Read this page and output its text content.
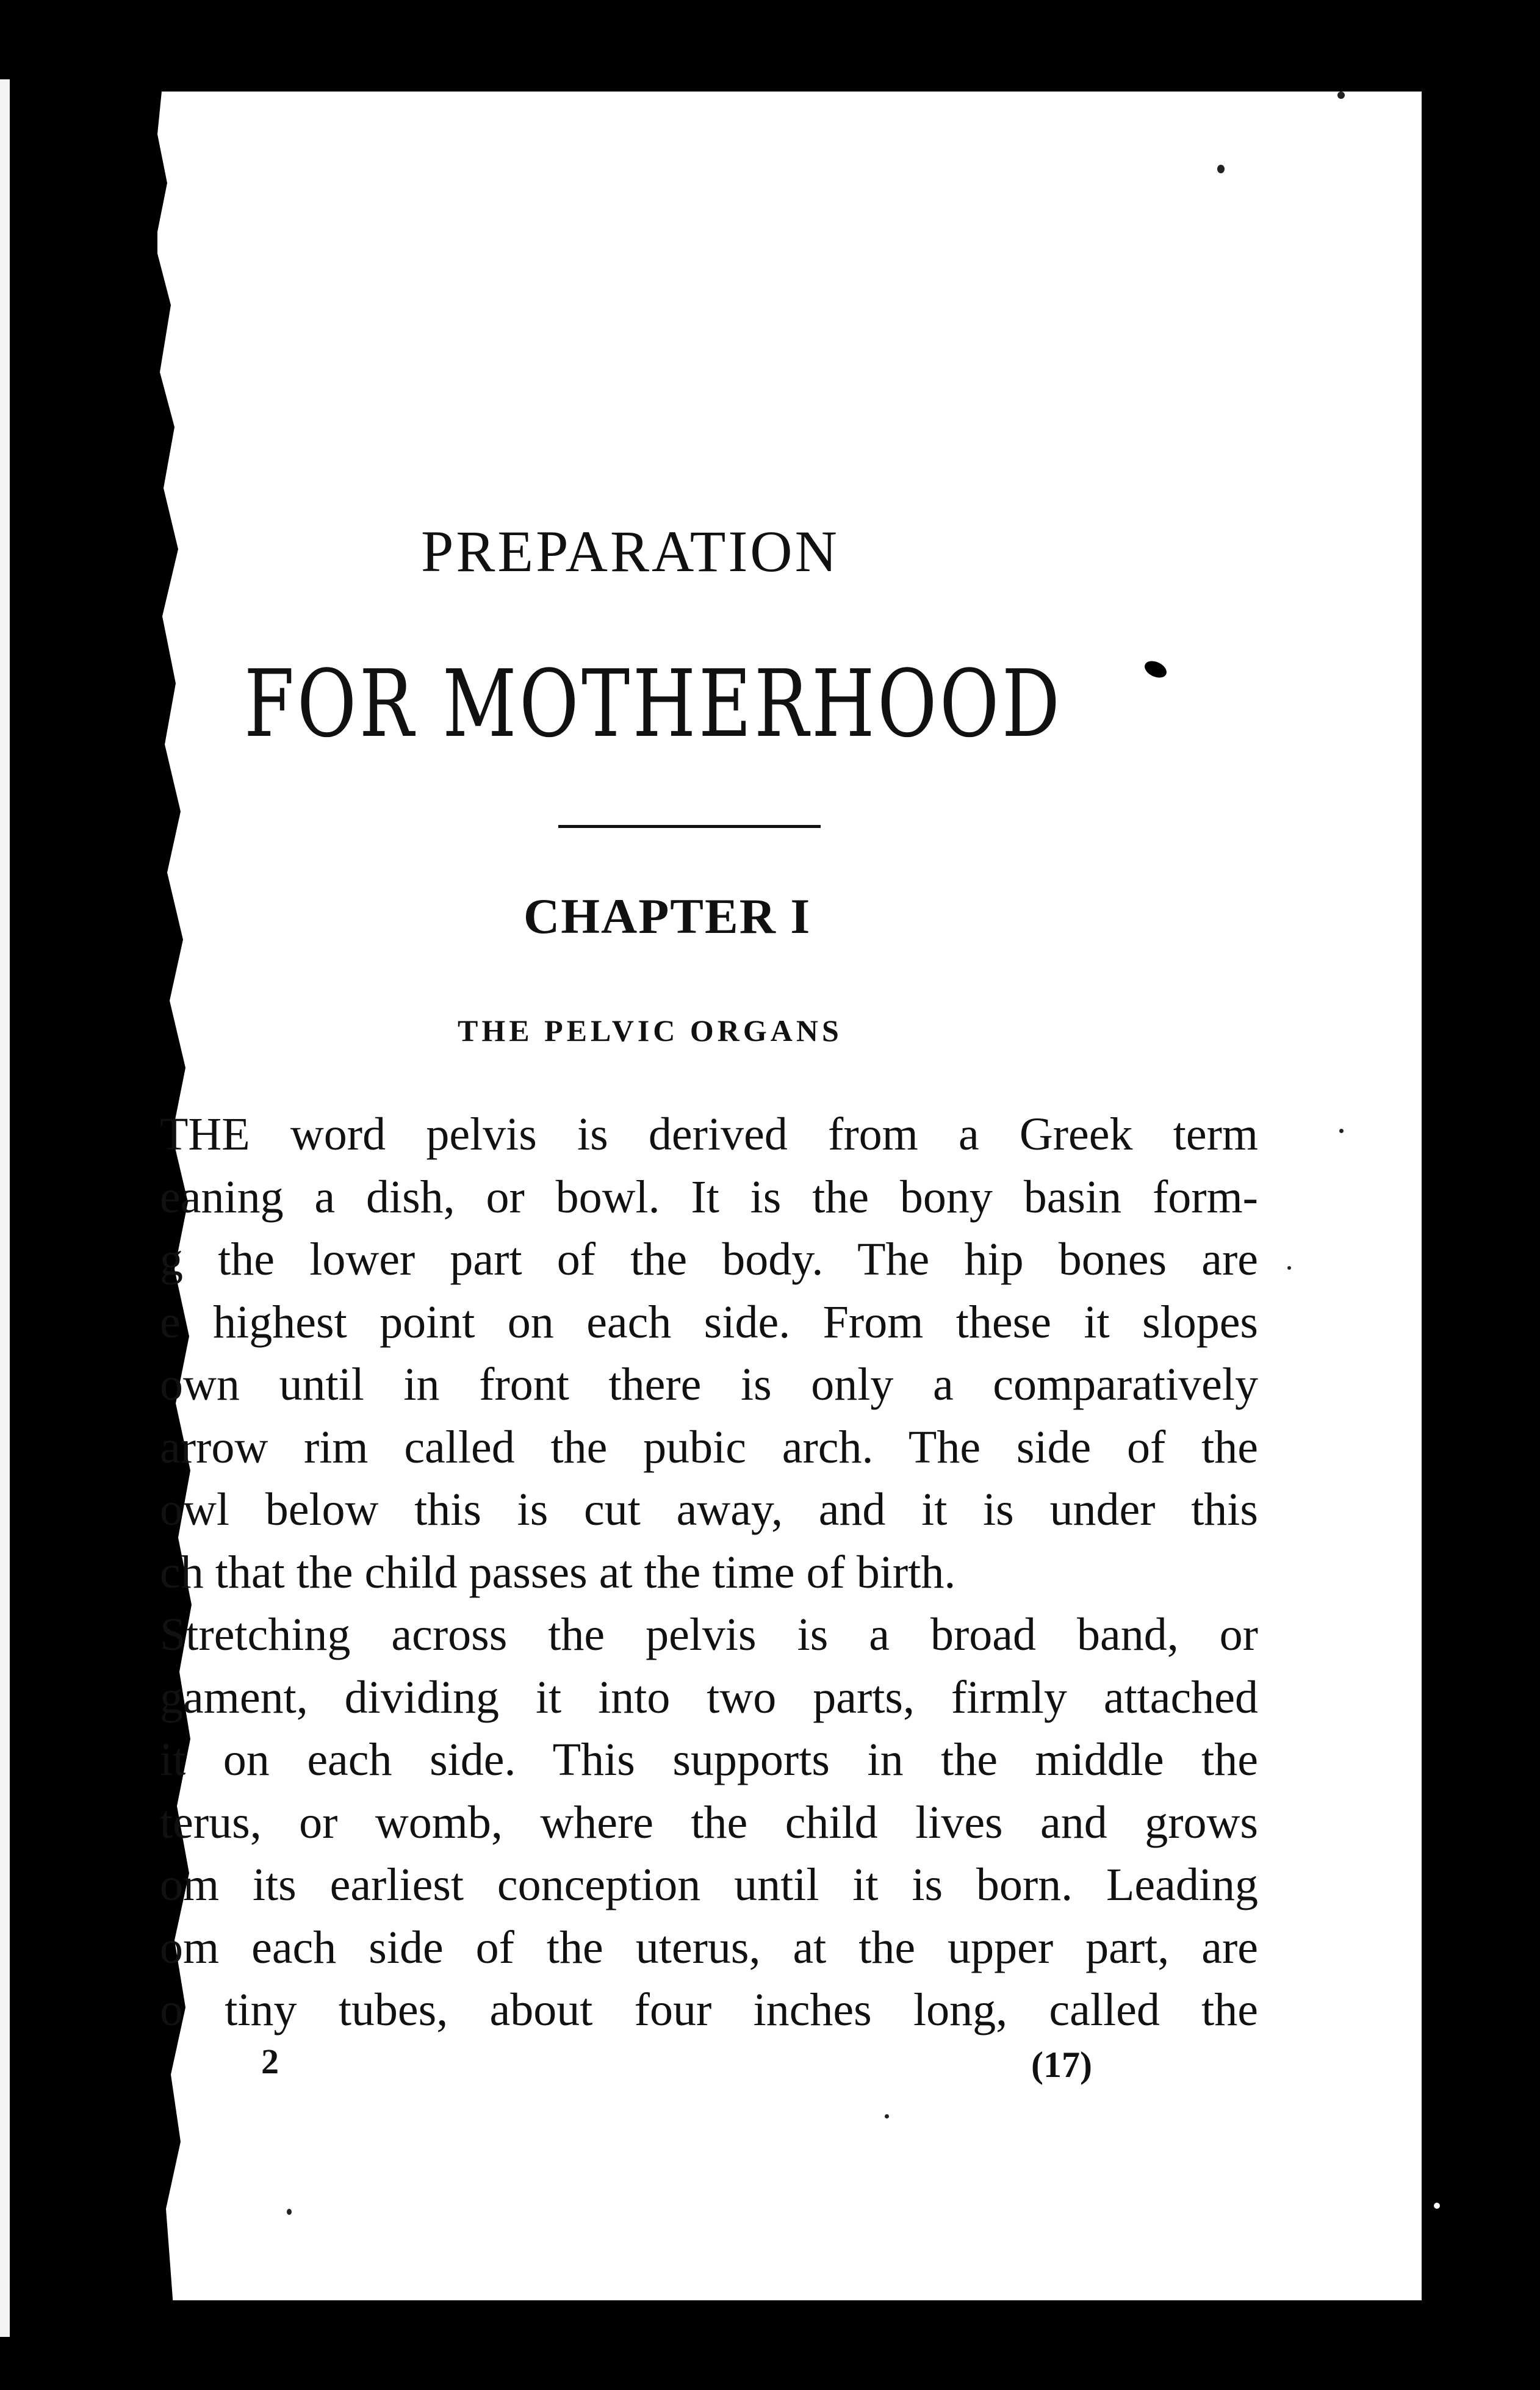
PREPARATION
FOR MOTHERHOOD
CHAPTER I
THE PELVIC ORGANS
THE word pelvis is derived from a Greek term
eaning a dish, or bowl. It is the bony basin form-
g the lower part of the body. The hip bones are
e highest point on each side. From these it slopes
own until in front there is only a comparatively
arrow rim called the pubic arch. The side of the
owl below this is cut away, and it is under this
ch that the child passes at the time of birth.
Stretching across the pelvis is a broad band, or
gament, dividing it into two parts, firmly attached
it on each side. This supports in the middle the
terus, or womb, where the child lives and grows
om its earliest conception until it is born. Leading
om each side of the uterus, at the upper part, are
o tiny tubes, about four inches long, called the
2	(17)
